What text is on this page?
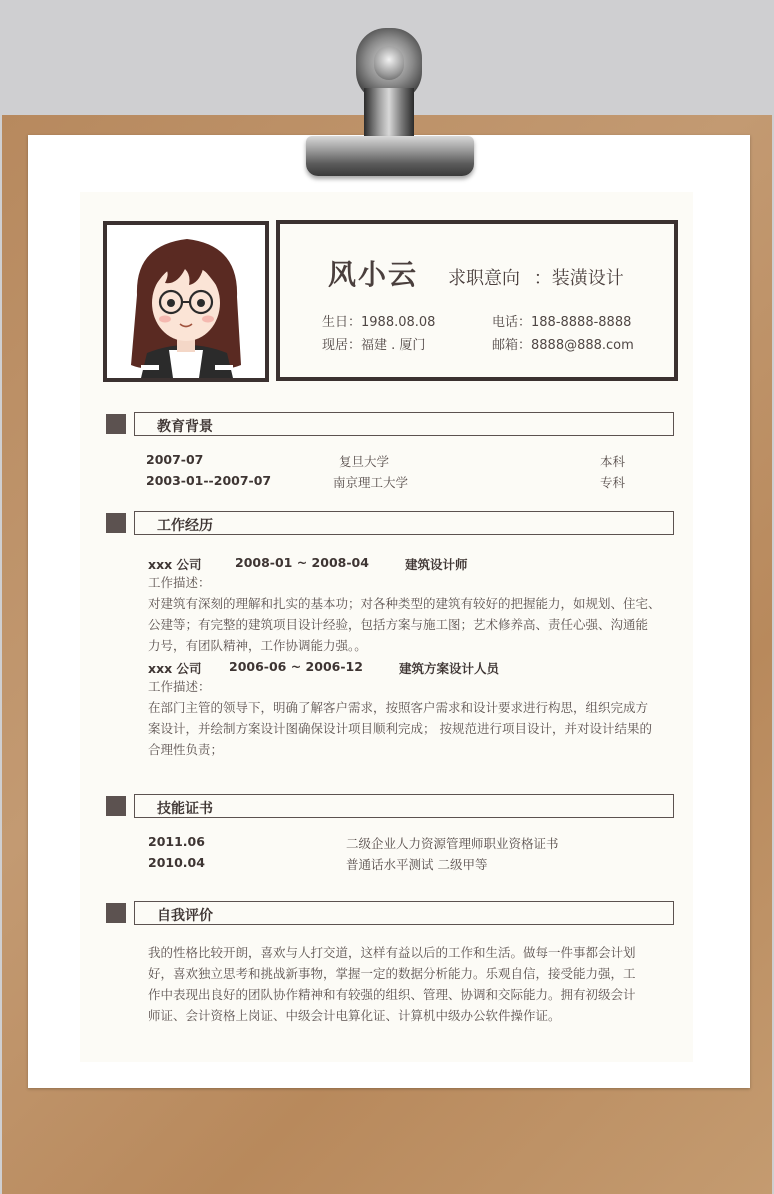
风小云 求职意向 ：装潢设计
生日：1988.08.08	电话：188-8888-8888
现居：福建 . 厦门	邮箱：8888@888.com
教育背景
2007-07	复旦大学	本科
2003-01--2007-07	南京理工大学	专科
工作经历
xxx 公司	2008-01 ~ 2008-04	建筑设计师
工作描述：
对建筑有深刻的理解和扎实的基本功；对各种类型的建筑有较好的把握能力，如规划、住宅、
公建等；有完整的建筑项目设计经验，包括方案与施工图；艺术修养高、责任心强、沟通能
力号，有团队精神，工作协调能力强。。
xxx 公司 2006-06 ~ 2006-12	建筑方案设计人员
工作描述：
在部门主管的领导下，明确了解客户需求，按照客户需求和设计要求进行构思，组织完成方
案设计，并绘制方案设计图确保设计项目顺利完成； 按规范进行项目设计，并对设计结果的
合理性负责；
技能证书
2011.06	二级企业人力资源管理师职业资格证书
2010.04	普通话水平测试 二级甲等
自我评价
我的性格比较开朗，喜欢与人打交道，这样有益以后的工作和生活。做每一件事都会计划
好，喜欢独立思考和挑战新事物，掌握一定的数据分析能力。乐观自信，接受能力强，工
作中表现出良好的团队协作精神和有较强的组织、管理、协调和交际能力。拥有初级会计
师证、会计资格上岗证、中级会计电算化证、计算机中级办公软件操作证。
